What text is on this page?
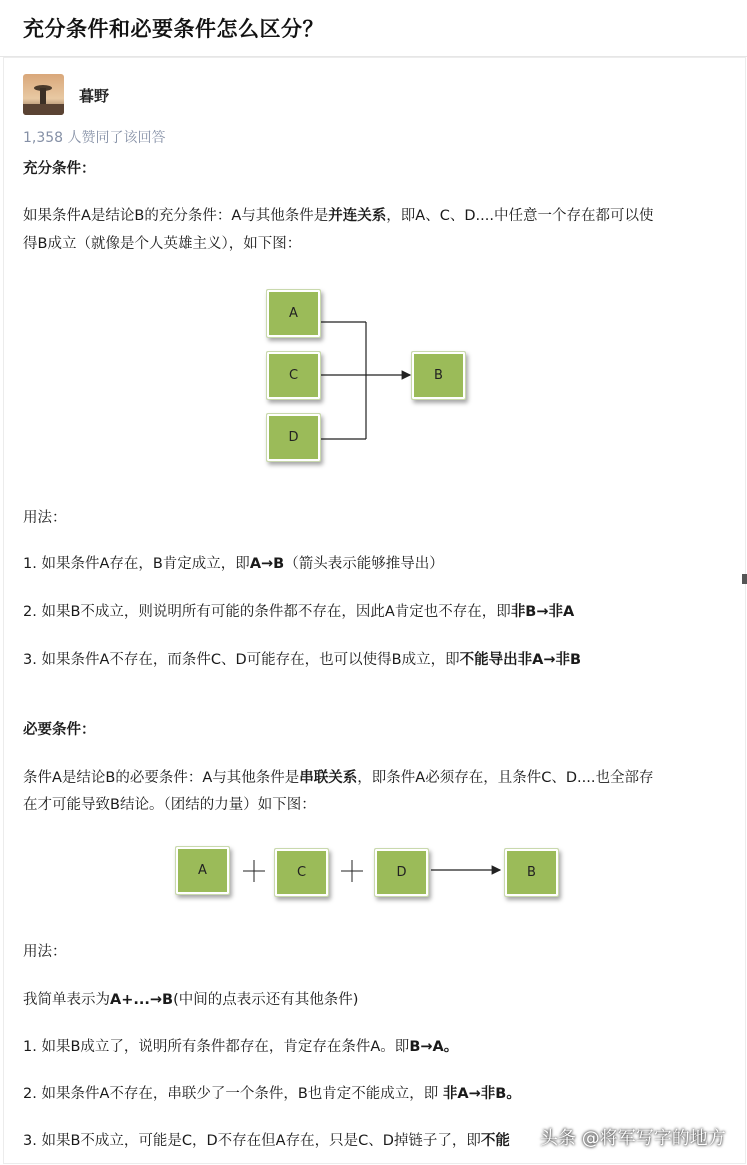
充分条件和必要条件怎么区分？
暮野
1,358 人赞同了该回答
充分条件：
如果条件A是结论B的充分条件：A与其他条件是并连关系，即A、C、D....中任意一个存在都可以使
得B成立（就像是个人英雄主义），如下图：
A
C
D
B
用法：
1. 如果条件A存在，B肯定成立，即A→B（箭头表示能够推导出）
2. 如果B不成立，则说明所有可能的条件都不存在，因此A肯定也不存在，即非B→非A
3. 如果条件A不存在，而条件C、D可能存在，也可以使得B成立，即不能导出非A→非B
必要条件：
条件A是结论B的必要条件：A与其他条件是串联关系，即条件A必须存在，且条件C、D....也全部存
在才可能导致B结论。（团结的力量）如下图：
A	C	D	B
用法：
我简单表示为A+...→B(中间的点表示还有其他条件)
1. 如果B成立了，说明所有条件都存在，肯定存在条件A。即B→A。
2. 如果条件A不存在，串联少了一个条件，B也肯定不能成立，即 非A→非B。
3. 如果B不成立，可能是C，D不存在但A存在，只是C、D掉链子了，即不能 头条 @将军写字的地方
